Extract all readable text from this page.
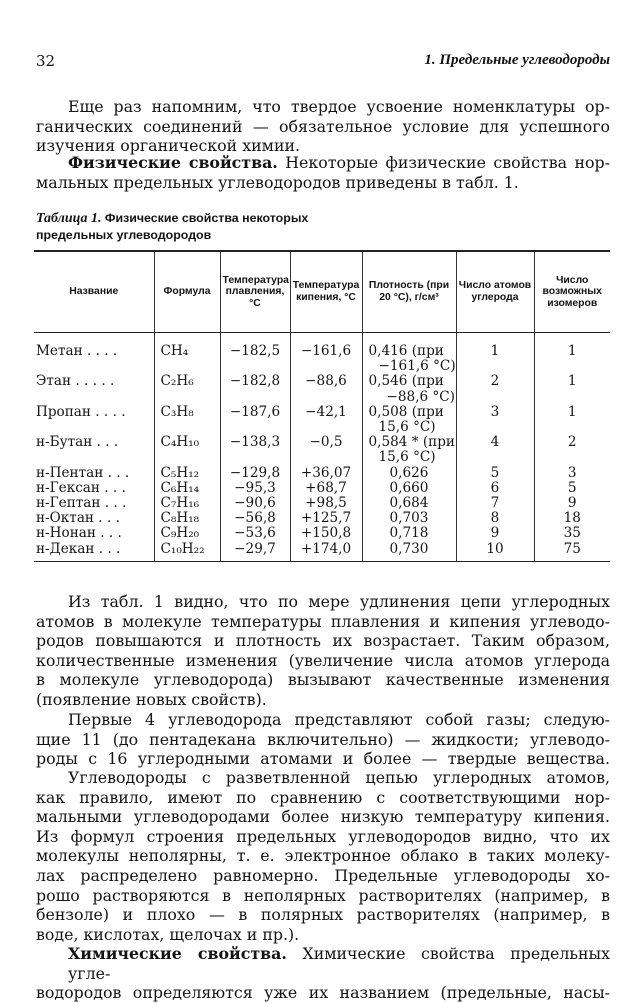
32	1. Предельные углеводороды
Еще раз напомним, что твердое усвоение номенклатуры ор-
ганических соединений — обязательное условие для успешного
изучения органической химии.
Физические свойства. Некоторые физические свойства нор-
мальных предельных углеводородов приведены в табл. 1.
Таблица 1. Физические свойства некоторых
предельных углеводородов
Название	Формула	Температура плавления, °С	Температура кипения, °С	Плотность (при 20 °С), г/см³	Число атомов углерода	Число возможных изомеров
Метан . . . .	CH₄	−182,5	−161,6	0,416 (при
−161,6 °С)	1	1
Этан . . . . .	C₂H₆	−182,8	−88,6	0,546 (при
−88,6 °С)	2	1
Пропан . . . .	C₃H₈	−187,6	−42,1	0,508 (при
15,6 °С)	3	1
н-Бутан . . .	C₄H₁₀	−138,3	−0,5	0,584 * (при
15,6 °С)	4	2
н-Пентан . . .	C₅H₁₂	−129,8	+36,07	0,626	5	3
н-Гексан . . .	C₆H₁₄	−95,3	+68,7	0,660	6	5
н-Гептан . . .	C₇H₁₆	−90,6	+98,5	0,684	7	9
н-Октан . . .	C₈H₁₈	−56,8	+125,7	0,703	8	18
н-Нонан . . .	C₉H₂₀	−53,6	+150,8	0,718	9	35
н-Декан . . .	C₁₀H₂₂	−29,7	+174,0	0,730	10	75
Из табл. 1 видно, что по мере удлинения цепи углеродных
атомов в молекуле температуры плавления и кипения углеводо-
родов повышаются и плотность их возрастает. Таким образом,
количественные изменения (увеличение числа атомов углерода
в молекуле углеводорода) вызывают качественные изменения
(появление новых свойств).
Первые 4 углеводорода представляют собой газы; следую-
щие 11 (до пентадекана включительно) — жидкости; углеводо-
роды с 16 углеродными атомами и более — твердые вещества.
Углеводороды с разветвленной цепью углеродных атомов,
как правило, имеют по сравнению с соответствующими нор-
мальными углеводородами более низкую температуру кипения.
Из формул строения предельных углеводородов видно, что их
молекулы неполярны, т. е. электронное облако в таких молеку-
лах распределено равномерно. Предельные углеводороды хо-
рошо растворяются в неполярных растворителях (например, в
бензоле) и плохо — в полярных растворителях (например, в
воде, кислотах, щелочах и пр.).
Химические свойства. Химические свойства предельных угле-
водородов определяются уже их названием (предельные, насы-
